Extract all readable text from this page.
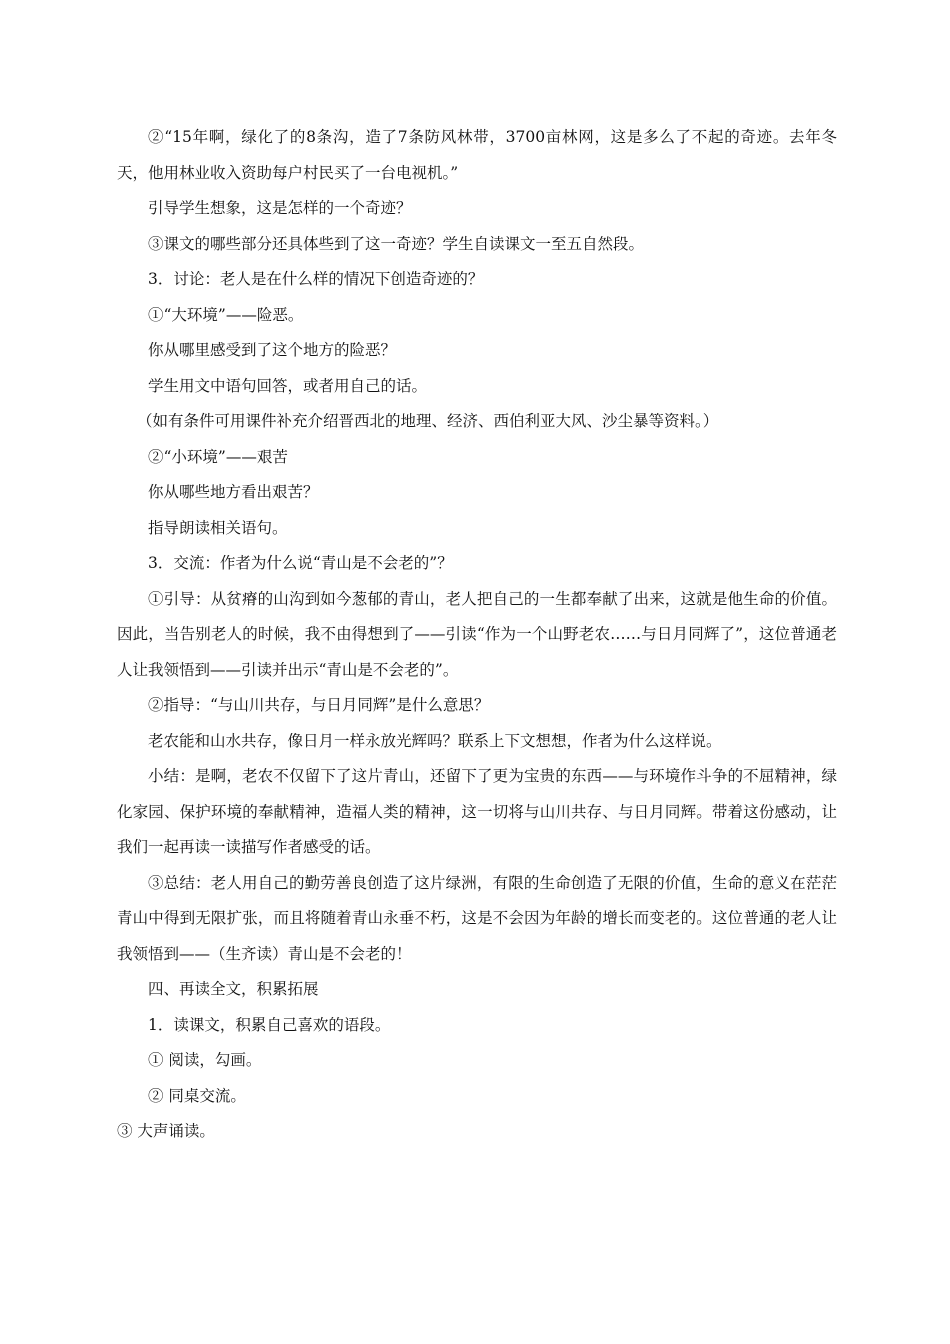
②“15年啊，绿化了的8条沟，造了7条防风林带，3700亩林网，这是多么了不起的奇迹。去年冬天，他用林业收入资助每户村民买了一台电视机。”

引导学生想象，这是怎样的一个奇迹？

③课文的哪些部分还具体些到了这一奇迹？学生自读课文一至五自然段。

3．讨论：老人是在什么样的情况下创造奇迹的？

①“大环境”——险恶。

你从哪里感受到了这个地方的险恶？

学生用文中语句回答，或者用自己的话。

（如有条件可用课件补充介绍晋西北的地理、经济、西伯利亚大风、沙尘暴等资料。）

②“小环境”——艰苦

你从哪些地方看出艰苦？

指导朗读相关语句。

3．交流：作者为什么说“青山是不会老的”？

①引导：从贫瘠的山沟到如今葱郁的青山，老人把自己的一生都奉献了出来，这就是他生命的价值。因此，当告别老人的时候，我不由得想到了——引读“作为一个山野老农……与日月同辉了”，这位普通老人让我领悟到——引读并出示“青山是不会老的”。

②指导：“与山川共存，与日月同辉”是什么意思？

老农能和山水共存，像日月一样永放光辉吗？联系上下文想想，作者为什么这样说。

小结：是啊，老农不仅留下了这片青山，还留下了更为宝贵的东西——与环境作斗争的不屈精神，绿化家园、保护环境的奉献精神，造福人类的精神，这一切将与山川共存、与日月同辉。带着这份感动，让我们一起再读一读描写作者感受的话。

③总结：老人用自己的勤劳善良创造了这片绿洲，有限的生命创造了无限的价值，生命的意义在茫茫青山中得到无限扩张，而且将随着青山永垂不朽，这是不会因为年龄的增长而变老的。这位普通的老人让我领悟到——（生齐读）青山是不会老的！

四、再读全文，积累拓展

1．读课文，积累自己喜欢的语段。

① 阅读，勾画。

② 同桌交流。

③ 大声诵读。
